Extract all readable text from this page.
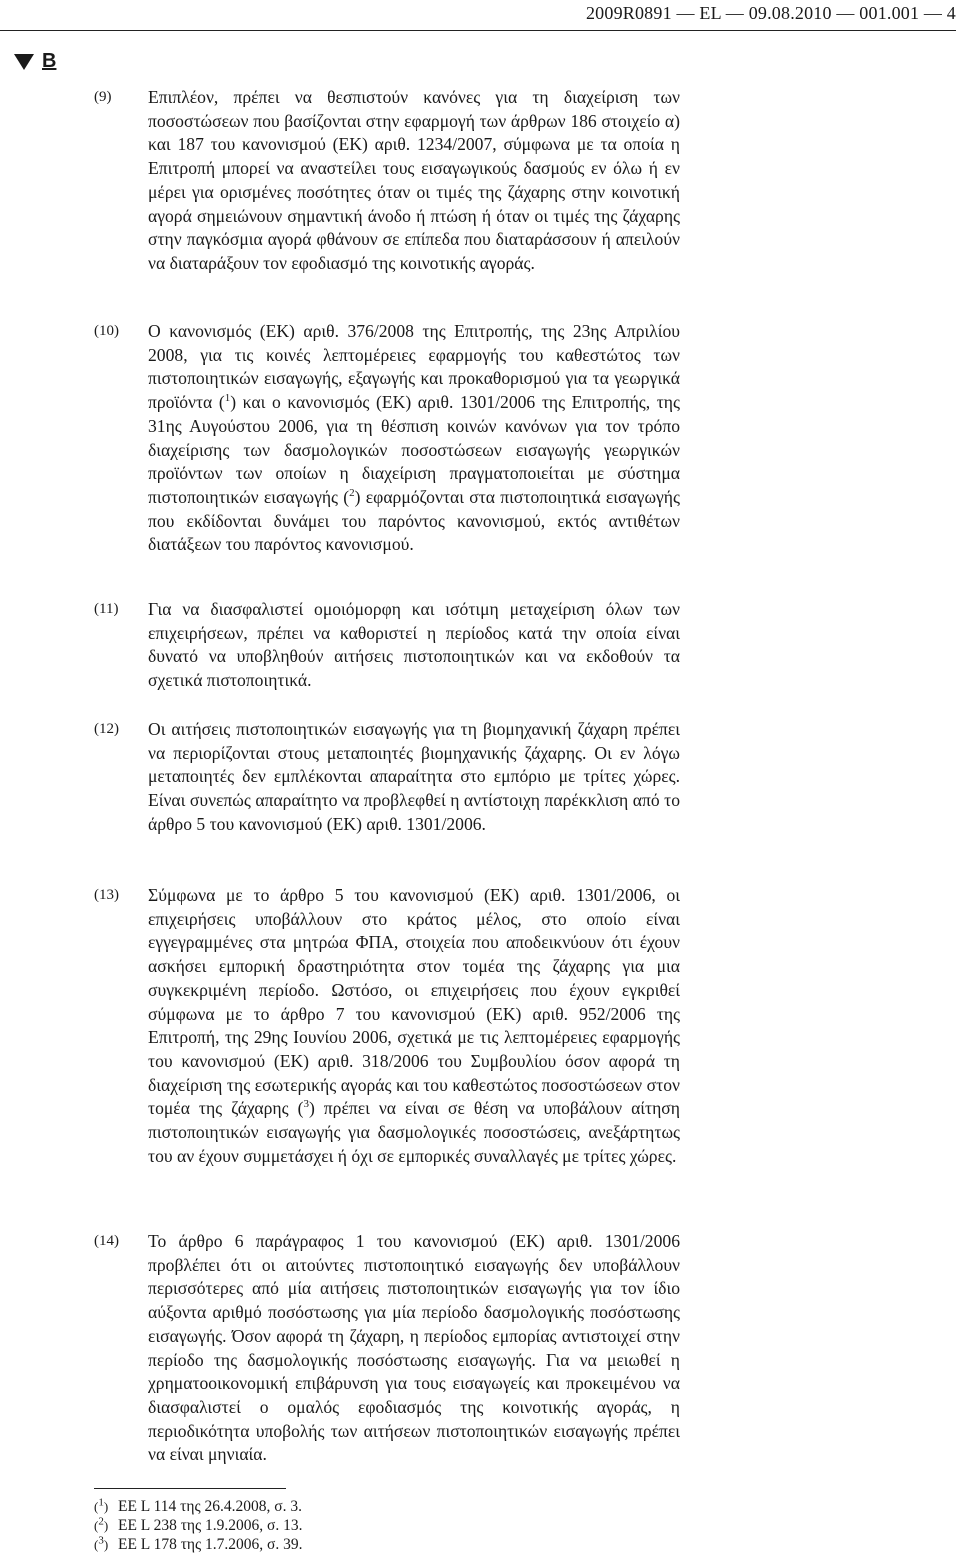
2009R0891 — EL — 09.08.2010 — 001.001 — 4
B
(9) Επιπλέον, πρέπει να θεσπιστούν κανόνες για τη διαχείριση των ποσοστώσεων που βασίζονται στην εφαρμογή των άρθρων 186 στοιχείο α) και 187 του κανονισμού (ΕΚ) αριθ. 1234/2007, σύμφωνα με τα οποία η Επιτροπή μπορεί να αναστείλει τους εισαγωγικούς δασμούς εν όλω ή εν μέρει για ορισμένες ποσότητες όταν οι τιμές της ζάχαρης στην κοινοτική αγορά σημειώνουν σημαντική άνοδο ή πτώση ή όταν οι τιμές της ζάχαρης στην παγκόσμια αγορά φθάνουν σε επίπεδα που διαταράσσουν ή απειλούν να διαταράξουν τον εφοδιασμό της κοινοτικής αγοράς.
(10) Ο κανονισμός (ΕΚ) αριθ. 376/2008 της Επιτροπής, της 23ης Απριλίου 2008, για τις κοινές λεπτομέρειες εφαρμογής του καθεστώτος των πιστοποιητικών εισαγωγής, εξαγωγής και προκαθορισμού για τα γεωργικά προϊόντα ($^1$) και ο κανονισμός (ΕΚ) αριθ. 1301/2006 της Επιτροπής, της 31ης Αυγούστου 2006, για τη θέσπιση κοινών κανόνων για τον τρόπο διαχείρισης των δασμολογικών ποσοστώσεων εισαγωγής γεωργικών προϊόντων των οποίων η διαχείριση πραγματοποιείται με σύστημα πιστοποιητικών εισαγωγής ($^2$) εφαρμόζονται στα πιστοποιητικά εισαγωγής που εκδίδονται δυνάμει του παρόντος κανονισμού, εκτός αντιθέτων διατάξεων του παρόντος κανονισμού.
(11) Για να διασφαλιστεί ομοιόμορφη και ισότιμη μεταχείριση όλων των επιχειρήσεων, πρέπει να καθοριστεί η περίοδος κατά την οποία είναι δυνατό να υποβληθούν αιτήσεις πιστοποιητικών και να εκδοθούν τα σχετικά πιστοποιητικά.
(12) Οι αιτήσεις πιστοποιητικών εισαγωγής για τη βιομηχανική ζάχαρη πρέπει να περιορίζονται στους μεταποιητές βιομηχανικής ζάχαρης. Οι εν λόγω μεταποιητές δεν εμπλέκονται απαραίτητα στο εμπόριο με τρίτες χώρες. Είναι συνεπώς απαραίτητο να προβλεφθεί η αντίστοιχη παρέκκλιση από το άρθρο 5 του κανονισμού (ΕΚ) αριθ. 1301/2006.
(13) Σύμφωνα με το άρθρο 5 του κανονισμού (ΕΚ) αριθ. 1301/2006, οι επιχειρήσεις υποβάλλουν στο κράτος μέλος, στο οποίο είναι εγγεγραμμένες στα μητρώα ΦΠΑ, στοιχεία που αποδεικνύουν ότι έχουν ασκήσει εμπορική δραστηριότητα στον τομέα της ζάχαρης για μια συγκεκριμένη περίοδο. Ωστόσο, οι επιχειρήσεις που έχουν εγκριθεί σύμφωνα με το άρθρο 7 του κανονισμού (ΕΚ) αριθ. 952/2006 της Επιτροπή, της 29ης Ιουνίου 2006, σχετικά με τις λεπτομέρειες εφαρμογής του κανονισμού (ΕΚ) αριθ. 318/2006 του Συμβουλίου όσον αφορά τη διαχείριση της εσωτερικής αγοράς και του καθεστώτος ποσοστώσεων στον τομέα της ζάχαρης ($^3$) πρέπει να είναι σε θέση να υποβάλουν αίτηση πιστοποιητικών εισαγωγής για δασμολογικές ποσοστώσεις, ανεξάρτητως του αν έχουν συμμετάσχει ή όχι σε εμπορικές συναλλαγές με τρίτες χώρες.
(14) Το άρθρο 6 παράγραφος 1 του κανονισμού (ΕΚ) αριθ. 1301/2006 προβλέπει ότι οι αιτούντες πιστοποιητικό εισαγωγής δεν υποβάλλουν περισσότερες από μία αιτήσεις πιστοποιητικών εισαγωγής για τον ίδιο αύξοντα αριθμό ποσόστωσης για μία περίοδο δασμολογικής ποσόστωσης εισαγωγής. Όσον αφορά τη ζάχαρη, η περίοδος εμπορίας αντιστοιχεί στην περίοδο της δασμολογικής ποσόστωσης εισαγωγής. Για να μειωθεί η χρηματοοικονομική επιβάρυνση για τους εισαγωγείς και προκειμένου να διασφαλιστεί ο ομαλός εφοδιασμός της κοινοτικής αγοράς, η περιοδικότητα υποβολής των αιτήσεων πιστοποιητικών εισαγωγής πρέπει να είναι μηνιαία.
($^1$) ΕΕ L 114 της 26.4.2008, σ. 3.
($^2$) ΕΕ L 238 της 1.9.2006, σ. 13.
($^3$) ΕΕ L 178 της 1.7.2006, σ. 39.
